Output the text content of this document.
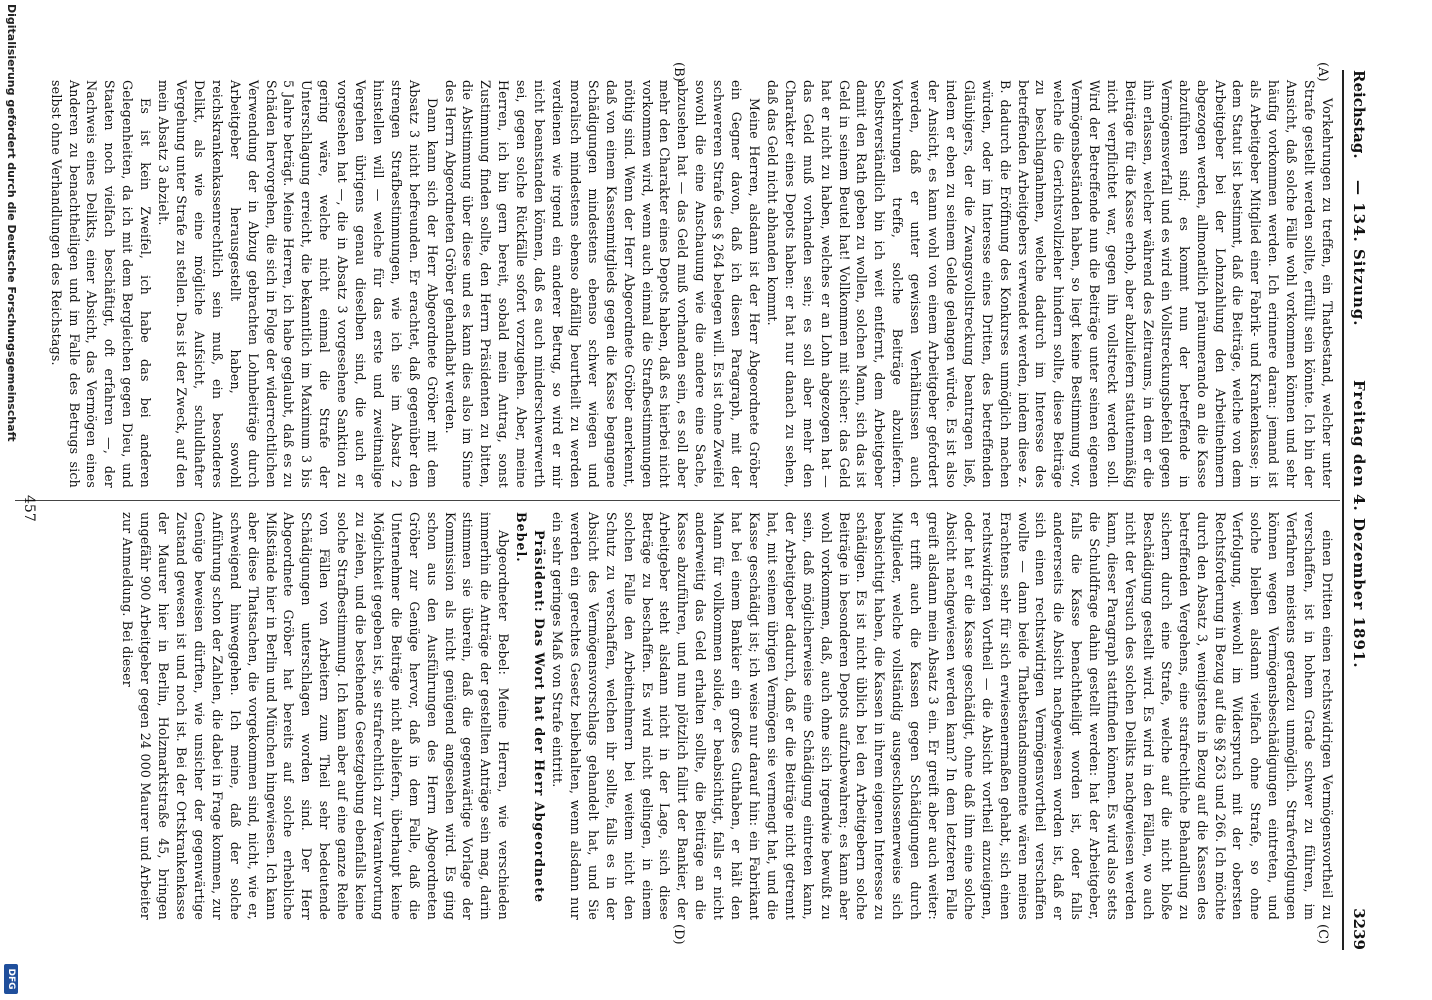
Reichstag.
Freitag den 4. Dezember 1891.
— 134. Sitzung.
3239
(A)
(B)
(C)
(D)

Vorkehrungen zu treffen, ein Thatbestand, welcher unter Strafe gestellt werden sollte, erfüllt sein könnte. Ich bin der Ansicht, daß solche Fälle wohl vorkommen können und sehr häufig vorkommen werden. Ich erinnere daran: jemand ist als Arbeitgeber Mitglied einer Fabrik- und Krankenkasse; in dem Statut ist bestimmt, daß die Beiträge, welche von dem Arbeitgeber bei der Lohnzahlung den Arbeitnehmern abgezogen werden, allmonatlich pränumerando an die Kasse abzuführen sind; es kommt nun der betreffende in Vermögensverfall und es wird ein Vollstreckungsbefehl gegen ihn erlassen, welcher während des Zeitraums, in dem er die Beiträge für die Kasse erhob, aber abzuliefern statutenmäßig nicht verpflichtet war, gegen ihn vollstreckt werden soll. Wird der Betreffende nun die Beiträge unter seinen eigenen Vermögensbeständen haben, so liegt keine Bestimmung vor, welche die Gerichtsvollzieher hindern sollte, diese Beiträge zu beschlagnahmen, welche dadurch im Interesse des betreffenden Arbeitgebers verwendet werden, indem diese z. B. dadurch die Eröffnung des Konkurses unmöglich machen würden, oder im Interesse eines Dritten, des betreffenden Gläubigers, der die Zwangsvollstreckung beantragen ließ, indem er eben zu seinem Gelde gelangen würde. Es ist also der Ansicht, es kann wohl von einem Arbeitgeber gefordert werden, daß er unter gewissen Verhältnissen auch Vorkehrungen treffe, solche Beiträge abzuliefern. Selbstverständlich bin ich weit entfernt, dem Arbeitgeber damit den Rath geben zu wollen, solchen Mann, sich das ist Geld in seinem Beutel hat! Vollkommen mit sicher: das Geld hat er nicht zu haben, welches er an Lohn abgezogen hat — das Geld muß vorhanden sein; es soll aber mehr den Charakter eines Depots haben: er hat nur danach zu sehen, daß das Geld nicht abhanden kommt.

Meine Herren, alsdann ist der Herr Abgeordnete Gröber ein Gegner davon, daß ich diesen Paragraph, mit der schwereren Strafe des § 264 belegen will. Es ist ohne Zweifel sowohl die eine Anschauung wie die andere eine Sache, abzusehen hat — das Geld muß vorhanden sein, es soll aber mehr den Charakter eines Depots haben, daß es hierbei nicht vorkommen wird, wenn auch einmal die Strafbestimmungen nöthig sind. Wenn der Herr Abgeordnete Gröber anerkennt, daß von einem Kassenmitglieds gegen die Kasse begangene Schädigungen mindestens ebenso schwer wiegen und moralisch mindestens ebenso abfällig beurtheilt zu werden verdienen wie irgend ein anderer Betrug, so wird er mir nicht beanstanden können, daß es auch minderschwerwerth sei, gegen solche Rückfälle sofort vorzugehen. Aber, meine Herren, ich bin gern bereit, sobald mein Antrag, sonst Zustimmung finden sollte, den Herrn Präsidenten zu bitten, die Abstimmung über diese und es kann dies also im Sinne des Herrn Abgeordneten Gröber gehandhabt werden.

Dann kann sich der Herr Abgeordnete Gröber mit dem Absatz 3 nicht befreunden. Er erachtet, daß gegenüber den strengen Strafbestimmungen, wie ich sie im Absatz 2 hinstellen will — welche für das erste und zweitmalige Vergehen übrigens genau dieselben sind, die auch er vorgesehen hat —, die in Absatz 3 vorgesehene Sanktion zu gering wäre, welche nicht einmal die Strafe der Unterschlagung erreicht, die bekanntlich im Maximum 3 bis 5 Jahre beträgt. Meine Herren, ich habe geglaubt, daß es zu Schäden hervorgehen, die sich in Folge der widerrechtlichen Verwendung der in Abzug gebrachten Lohnbeiträge durch Arbeitgeber herausgestellt haben, sowohl reichskrankenkassenrechtlich sein muß, ein besonderes Delikt, als wie eine mögliche Aufsicht, schuldhafter Vergehung unter Strafe zu stellen. Das ist der Zweck, auf den mein Absatz 3 abzielt.

Es ist kein Zweifel, ich habe das bei anderen Gelegenheiten, da ich mit dem Bergleichen gegen Dieu, und Staaten noch vielfach beschäftigt, oft erfahren —, der Nachweis eines Delikts, einer Absicht, das Vermögen eines Anderen zu benachtheiligen und im Falle des Betrugs sich selbst ohne Verhandlungen des Reichstags.

einen Dritten einen rechtswidrigen Vermögensvortheil zu verschaffen, ist in hohem Grade schwer zu führen, im Verfahren meistens geradezu unmöglich. Strafverfolgungen können wegen Vermögensbeschädigungen eintreten, und solche bleiben alsdann vielfach ohne Strafe, so ohne Verfolgung, wiewohl im Widerspruch mit der obersten Rechtsforderung in Bezug auf die §§ 263 und 266. Ich möchte durch den Absatz 3, wenigstens in Bezug auf die Kassen des betreffenden Vergehens, eine strafrechtliche Behandlung zu sichern durch eine Strafe, welche auf die nicht bloße Beschädigung gestellt wird. Es wird in den Fällen, wo auch nicht der Versuch des solchen Delikts nachgewiesen werden kann, dieser Paragraph stattfinden können. Es wird also stets die Schuldfrage dahin gestellt werden: hat der Arbeitgeber, falls die Kasse benachtheiligt worden ist, oder falls andererseits die Absicht nachgewiesen worden ist, daß er sich einen rechtswidrigen Vermögensvortheil verschaffen wollte — dann beide Thatbestandsmomente wären meines Erachtens sehr für sich erwiesenermaßen gehabt, sich einen rechtswidrigen Vortheil — die Absicht vortheil anzueignen, oder hat er die Kasse geschädigt, ohne daß ihm eine solche Absicht nachgewiesen werden kann? In dem letzteren Falle greift alsdann mein Absatz 3 ein. Er greift aber auch weiter: er trifft auch die Kassen gegen Schädigungen durch Mitglieder, welche vollständig ausgeschlossenerweise sich beabsichtigt haben, die Kassen in ihrem eigenen Interesse zu schädigen. Es ist nicht üblich bei den Arbeitgebern solche Beiträge in besonderen Depots aufzubewahren; es kann aber wohl vorkommen, daß, auch ohne sich irgendwie bewußt zu sein, daß möglicherweise eine Schädigung eintreten kann, der Arbeitgeber dadurch, daß er die Beiträge nicht getrennt hat, mit seinem übrigen Vermögen sie vermengt hat, und die Kasse geschädigt ist; ich weise nur darauf hin: ein Fabrikant hat bei einem Bankier ein großes Guthaben, er hält den Mann für vollkommen solide, er beabsichtigt, falls er nicht anderweitig das Geld erhalten sollte, die Beiträge an die Kasse abzuführen, und nun plötzlich fallirt der Bankier, der Arbeitgeber steht alsdann nicht in der Lage, sich diese Beträge zu beschaffen. Es wird nicht gelingen, in einem solchen Falle den Arbeitnehmern bei weitem nicht den Schutz zu verschaffen, welchen ihr sollte, falls es in der Absicht des Vermögensvorschlags gehandelt hat, und Sie werden ein gerechtes Gesetz beibehalten, wenn alsdann nur ein sehr geringes Maß von Strafe eintritt.

Präsident: Das Wort hat der Herr Abgeordnete Bebel.

Abgeordneter Bebel: Meine Herren, wie verschieden immerhin die Anträge der gestellten Anträge sein mag, darin stimmen sie überein, daß die gegenwärtige Vorlage der Kommission als nicht genügend angesehen wird. Es ging schon aus den Ausführungen des Herrn Abgeordneten Gröber zur Genüge hervor, daß in dem Falle, daß die Unternehmer die Beiträge nicht abliefern, überhaupt keine Möglichkeit gegeben ist, sie strafrechtlich zur Verantwortung zu ziehen, und die bestehende Gesetzgebung ebenfalls keine solche Strafbestimmung. Ich kann aber auf eine ganze Reihe von Fällen von Arbeitern zum Theil sehr bedeutende Schädigungen unterschlagen worden sind. Der Herr Abgeordnete Gröber hat bereits auf solche erhebliche Mißstände hier in Berlin und München hingewiesen. Ich kann aber diese Thatsachen, die vorgekommen sind, nicht, wie er, schweigend hinweggehen. Ich meine, daß der solche Anführung schon der Zahlen, die dabei in Frage kommen, zur Genüge beweisen dürften, wie unsicher der gegenwärtige Zustand gewesen ist und noch ist. Bei der Ortskrankenkasse der Maurer hier in Berlin, Holzmarktstraße 45, bringen ungefähr 900 Arbeitgeber gegen 24 000 Maurer und Arbeiter zur Anmeldung. Bei dieser

457
Digitalisierung gefördert durch die Deutsche Forschungsgemeinschaft
DFG
